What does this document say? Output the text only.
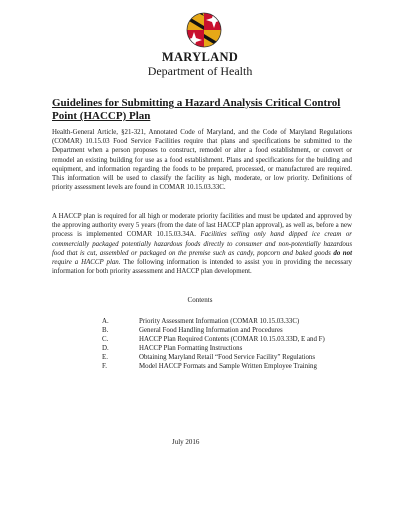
MARYLAND
Department of Health
Guidelines for Submitting a Hazard Analysis Critical Control Point (HACCP) Plan

Health-General Article, §21-321, Annotated Code of Maryland, and the Code of Maryland Regulations (COMAR) 10.15.03 Food Service Facilities require that plans and specifications be submitted to the Department when a person proposes to construct, remodel or alter a food establishment, or convert or remodel an existing building for use as a food establishment. Plans and specifications for the building and equipment, and information regarding the foods to be prepared, processed, or manufactured are required. This information will be used to classify the facility as high, moderate, or low priority. Definitions of priority assessment levels are found in COMAR 10.15.03.33C.

A HACCP plan is required for all high or moderate priority facilities and must be updated and approved by the approving authority every 5 years (from the date of last HACCP plan approval), as well as, before a new process is implemented COMAR 10.15.03.34A. Facilities selling only hand dipped ice cream or commercially packaged potentially hazardous foods directly to consumer and non-potentially hazardous food that is cut, assembled or packaged on the premise such as candy, popcorn and baked goods do not require a HACCP plan. The following information is intended to assist you in providing the necessary information for both priority assessment and HACCP plan development.

Contents
A.	Priority Assessment Information (COMAR 10.15.03.33C)
B.	General Food Handling Information and Procedures
C.	HACCP Plan Required Contents (COMAR 10.15.03.33D, E and F)
D.	HACCP Plan Formatting Instructions
E.	Obtaining Maryland Retail “Food Service Facility” Regulations
F.	Model HACCP Formats and Sample Written Employee Training
July 2016
